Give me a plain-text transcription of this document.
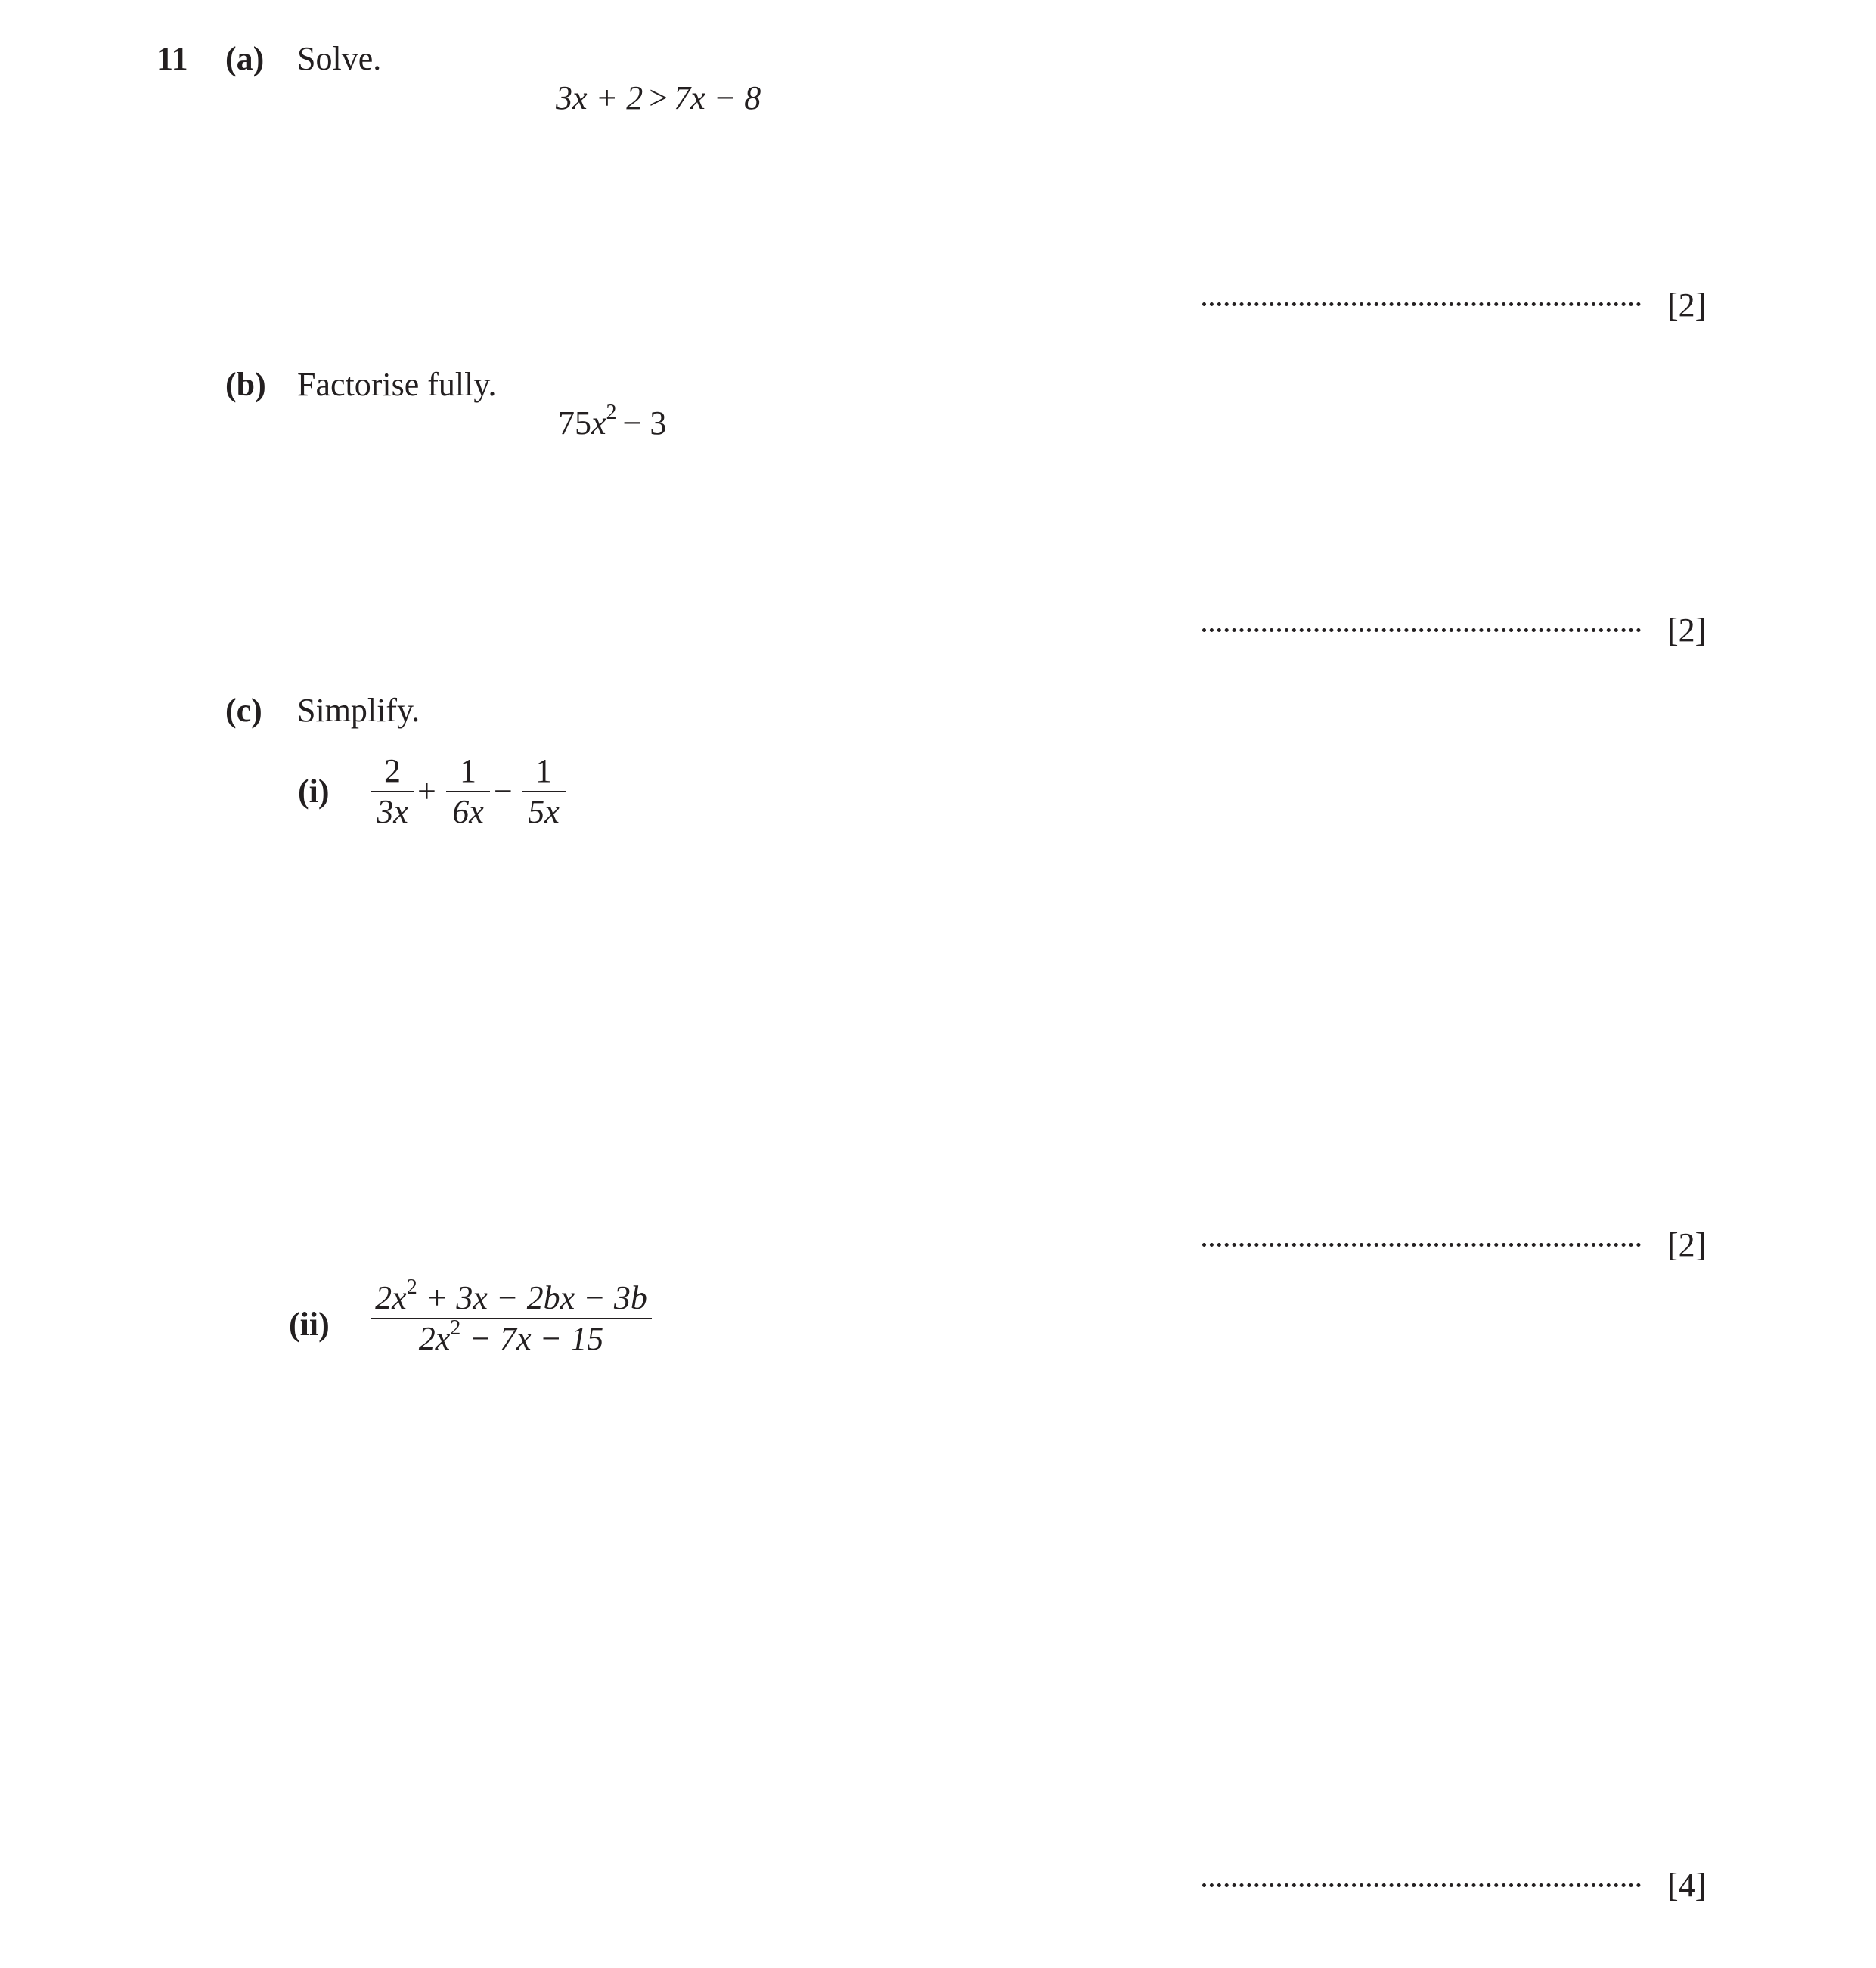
11 (a) Solve.
3x + 2 > 7x − 8
[2]
(b) Factorise fully.
$75x^2 - 3$
[2]
(c) Simplify.
(i)
2
3x
+
1
6x
−
1
5x
[2]
(ii)
$2x^2 + 3x - 2bx - 3b$
$2x^2 - 7x - 15$
[4]
